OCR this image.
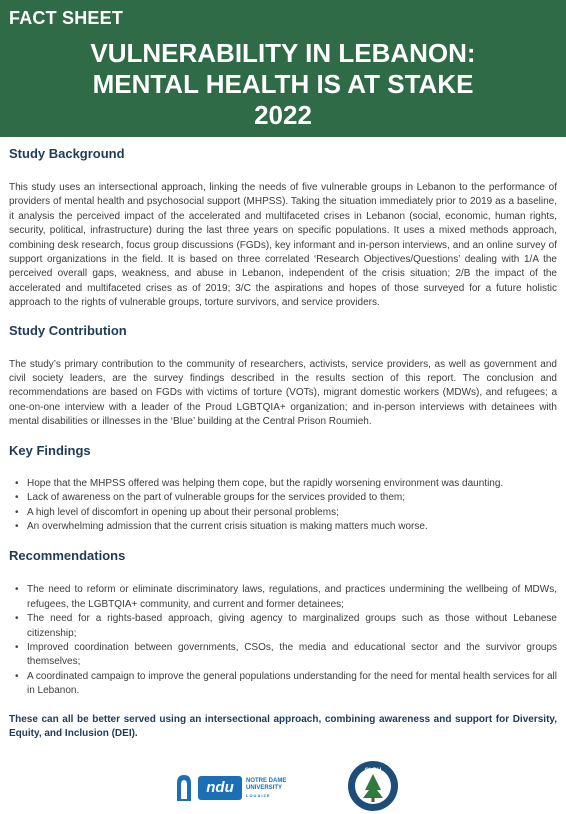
FACT SHEET
VULNERABILITY IN LEBANON:
MENTAL HEALTH IS AT STAKE
2022
Study Background

This study uses an intersectional approach, linking the needs of five vulnerable groups in Lebanon to the performance of providers of mental health and psychosocial support (MHPSS). Taking the situation immediately prior to 2019 as a baseline, it analysis the perceived impact of the accelerated and multifaceted crises in Lebanon (social, economic, human rights, security, political, infrastructure) during the last three years on specific populations. It uses a mixed methods approach, combining desk research, focus group discussions (FGDs), key informant and in-person interviews, and an online survey of support organizations in the field. It is based on three correlated ‘Research Objectives/Questions’ dealing with 1/A the perceived overall gaps, weakness, and abuse in Lebanon, independent of the crisis situation; 2/B the impact of the accelerated and multifaceted crises as of 2019; 3/C the aspirations and hopes of those surveyed for a future holistic approach to the rights of vulnerable groups, torture survivors, and service providers.

Study Contribution

The study’s primary contribution to the community of researchers, activists, service providers, as well as government and civil society leaders, are the survey findings described in the results section of this report. The conclusion and recommendations are based on FGDs with victims of torture (VOTs), migrant domestic workers (MDWs), and refugees; a one-on-one interview with a leader of the Proud LGBTQIA+ organization; and in-person interviews with detainees with mental disabilities or illnesses in the ‘Blue’ building at the Central Prison Roumieh.

Key Findings
• Hope that the MHPSS offered was helping them cope, but the rapidly worsening environment was daunting.
• Lack of awareness on the part of vulnerable groups for the services provided to them;
• A high level of discomfort in opening up about their personal problems;
• An overwhelming admission that the current crisis situation is making matters much worse.
Recommendations
• The need to reform or eliminate discriminatory laws, regulations, and practices undermining the wellbeing of MDWs, refugees, the LGBTQIA+ community, and current and former detainees;
• The need for a rights-based approach, giving agency to marginalized groups such as those without Lebanese citizenship;
• Improved coordination between governments, CSOs, the media and educational sector and the survivor groups themselves;
• A coordinated campaign to improve the general populations understanding for the need for mental health services for all in Lebanon.

These can all be better served using an intersectional approach, combining awareness and support for Diversity, Equity, and Inclusion (DEI).

ndu	NOTRE DAME
UNIVERSITY
LOUAIZE
CLDH
